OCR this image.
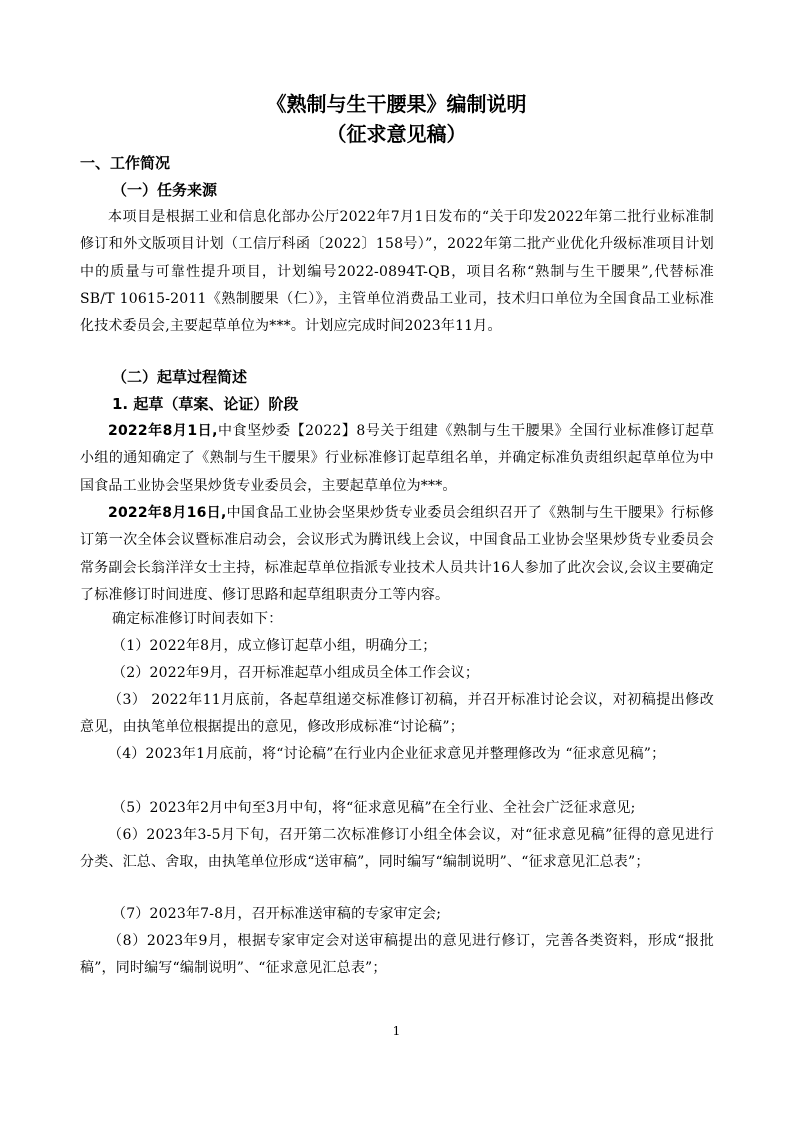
《熟制与生干腰果》编制说明
（征求意见稿）
一、工作简况
（一）任务来源
本项目是根据工业和信息化部办公厅2022年7月1日发布的“关于印发2022年第二批行业标准制修订和外文版项目计划（工信厅科函〔2022〕158号）”，2022年第二批产业优化升级标准项目计划中的质量与可靠性提升项目，计划编号2022-0894T-QB，项目名称“熟制与生干腰果”,代替标准SB/T 10615-2011《熟制腰果（仁）》，主管单位消费品工业司，技术归口单位为全国食品工业标准化技术委员会,主要起草单位为***。计划应完成时间2023年11月。
（二）起草过程简述
1. 起草（草案、论证）阶段
2022年8月1日,中食坚炒委【2022】8号关于组建《熟制与生干腰果》全国行业标准修订起草小组的通知确定了《熟制与生干腰果》行业标准修订起草组名单，并确定标准负责组织起草单位为中国食品工业协会坚果炒货专业委员会，主要起草单位为***。
2022年8月16日,中国食品工业协会坚果炒货专业委员会组织召开了《熟制与生干腰果》行标修订第一次全体会议暨标准启动会，会议形式为腾讯线上会议，中国食品工业协会坚果炒货专业委员会常务副会长翁洋洋女士主持，标准起草单位指派专业技术人员共计16人参加了此次会议,会议主要确定了标准修订时间进度、修订思路和起草组职责分工等内容。
确定标准修订时间表如下：
（1）2022年8月，成立修订起草小组，明确分工；
（2）2022年9月，召开标准起草小组成员全体工作会议；
（3） 2022年11月底前，各起草组递交标准修订初稿，并召开标准讨论会议，对初稿提出修改意见，由执笔单位根据提出的意见，修改形成标准“讨论稿”；
（4）2023年1月底前，将“讨论稿”在行业内企业征求意见并整理修改为 “征求意见稿”；
（5）2023年2月中旬至3月中旬，将“征求意见稿”在全行业、全社会广泛征求意见;
（6）2023年3-5月下旬，召开第二次标准修订小组全体会议，对“征求意见稿”征得的意见进行分类、汇总、舍取，由执笔单位形成“送审稿”，同时编写“编制说明”、“征求意见汇总表”；
（7）2023年7-8月，召开标准送审稿的专家审定会;
（8）2023年9月，根据专家审定会对送审稿提出的意见进行修订，完善各类资料，形成“报批稿”，同时编写“编制说明”、“征求意见汇总表”；
1
